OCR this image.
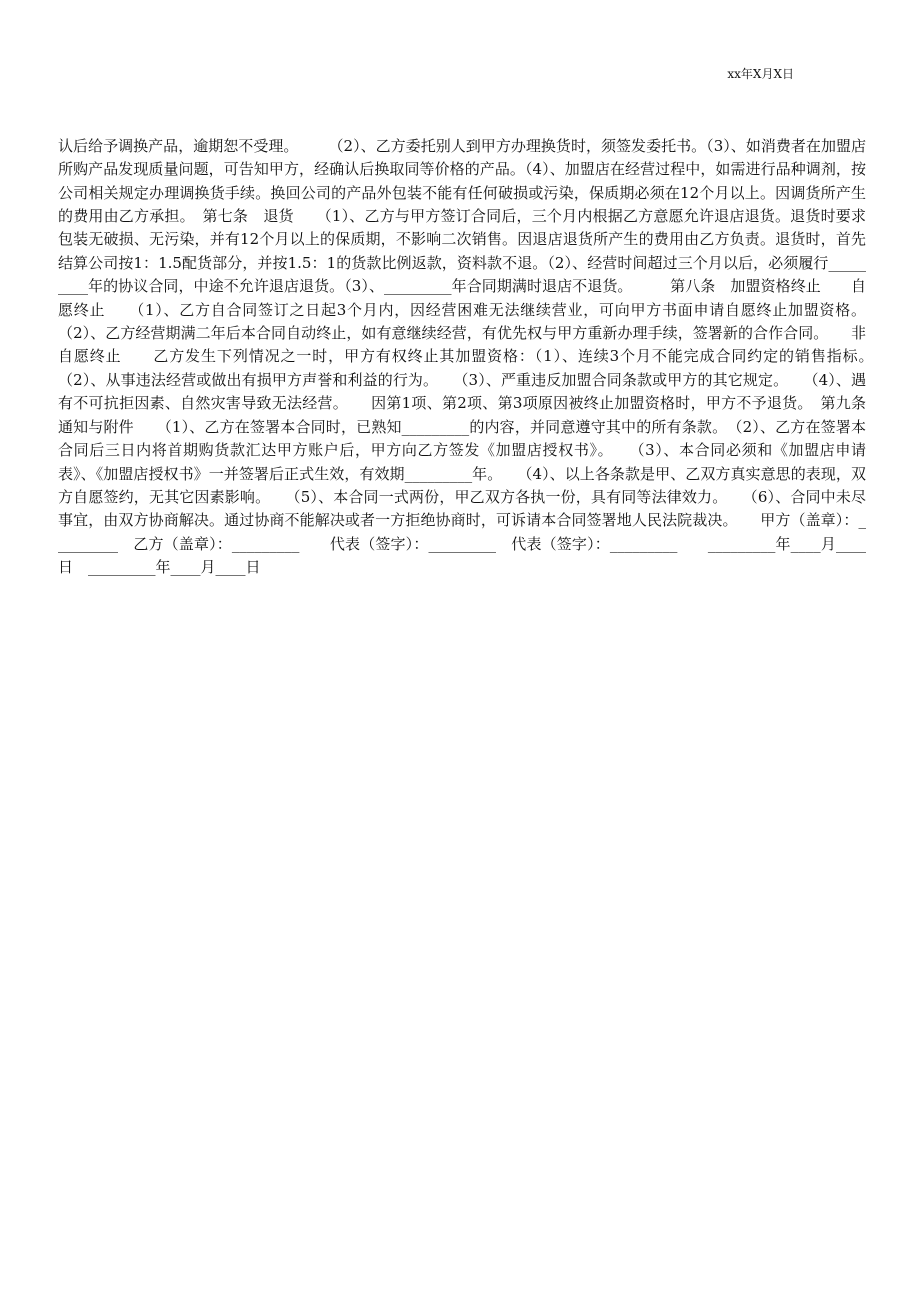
xx年X月X日

认后给予调换产品，逾期恕不受理。　　　（2）、乙方委托别人到甲方办理换货时，须签发委托书。（3）、如消费者在加盟店所购产品发现质量问题，可告知甲方，经确认后换取同等价格的产品。（4）、加盟店在经营过程中，如需进行品种调剂，按公司相关规定办理调换货手续。换回公司的产品外包装不能有任何破损或污染，保质期必须在12个月以上。因调货所产生的费用由乙方承担。　第七条　退货　　（1）、乙方与甲方签订合同后，三个月内根据乙方意愿允许退店退货。退货时要求包装无破损、无污染，并有12个月以上的保质期，不影响二次销售。因退店退货所产生的费用由乙方负责。退货时，首先结算公司按1：1.5配货部分，并按1.5：1的货款比例返款，资料款不退。（2）、经营时间超过三个月以后，必须履行_________年的协议合同，中途不允许退店退货。（3）、_________年合同期满时退店不退货。　　　第八条　加盟资格终止　　自愿终止　　（1）、乙方自合同签订之日起3个月内，因经营困难无法继续营业，可向甲方书面申请自愿终止加盟资格。（2）、乙方经营期满二年后本合同自动终止，如有意继续经营，有优先权与甲方重新办理手续，签署新的合作合同。　　非自愿终止　　乙方发生下列情况之一时，甲方有权终止其加盟资格：（1）、连续3个月不能完成合同约定的销售指标。　　　（2）、从事违法经营或做出有损甲方声誉和利益的行为。　　（3）、严重违反加盟合同条款或甲方的其它规定。　　（4）、遇有不可抗拒因素、自然灾害导致无法经营。　　因第1项、第2项、第3项原因被终止加盟资格时，甲方不予退货。　第九条　通知与附件　　（1）、乙方在签署本合同时，已熟知_________的内容，并同意遵守其中的所有条款。　（2）、乙方在签署本合同后三日内将首期购货款汇达甲方账户后，甲方向乙方签发《加盟店授权书》。　　（3）、本合同必须和《加盟店申请表》、《加盟店授权书》一并签署后正式生效，有效期_________年。　　（4）、以上各条款是甲、乙双方真实意思的表现，双方自愿签约，无其它因素影响。　　（5）、本合同一式两份，甲乙双方各执一份，具有同等法律效力。　　（6）、合同中未尽事宜，由双方协商解决。通过协商不能解决或者一方拒绝协商时，可诉请本合同签署地人民法院裁决。　　甲方（盖章）：_________　乙方（盖章）：_________　　代表（签字）：_________　代表（签字）：_________　　_________年____月____日　_________年____月____日
